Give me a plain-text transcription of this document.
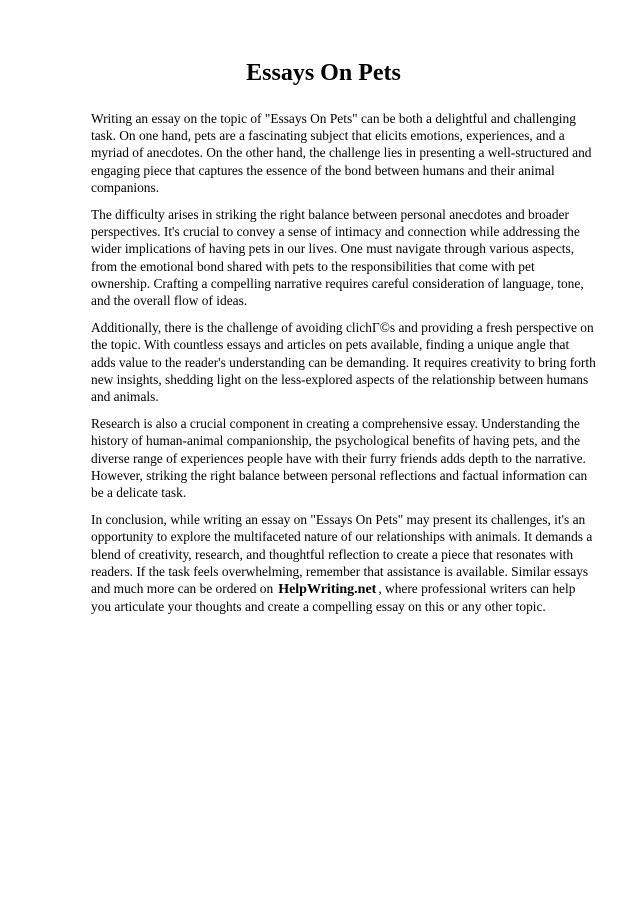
Essays On Pets

Writing an essay on the topic of "Essays On Pets" can be both a delightful and challenging task. On one hand, pets are a fascinating subject that elicits emotions, experiences, and a myriad of anecdotes. On the other hand, the challenge lies in presenting a well-structured and engaging piece that captures the essence of the bond between humans and their animal companions.

The difficulty arises in striking the right balance between personal anecdotes and broader perspectives. It's crucial to convey a sense of intimacy and connection while addressing the wider implications of having pets in our lives. One must navigate through various aspects, from the emotional bond shared with pets to the responsibilities that come with pet ownership. Crafting a compelling narrative requires careful consideration of language, tone, and the overall flow of ideas.

Additionally, there is the challenge of avoiding clichГ©s and providing a fresh perspective on the topic. With countless essays and articles on pets available, finding a unique angle that adds value to the reader's understanding can be demanding. It requires creativity to bring forth new insights, shedding light on the less-explored aspects of the relationship between humans and animals.

Research is also a crucial component in creating a comprehensive essay. Understanding the history of human-animal companionship, the psychological benefits of having pets, and the diverse range of experiences people have with their furry friends adds depth to the narrative. However, striking the right balance between personal reflections and factual information can be a delicate task.

In conclusion, while writing an essay on "Essays On Pets" may present its challenges, it's an opportunity to explore the multifaceted nature of our relationships with animals. It demands a blend of creativity, research, and thoughtful reflection to create a piece that resonates with readers. If the task feels overwhelming, remember that assistance is available. Similar essays and much more can be ordered on HelpWriting.net , where professional writers can help you articulate your thoughts and create a compelling essay on this or any other topic.
